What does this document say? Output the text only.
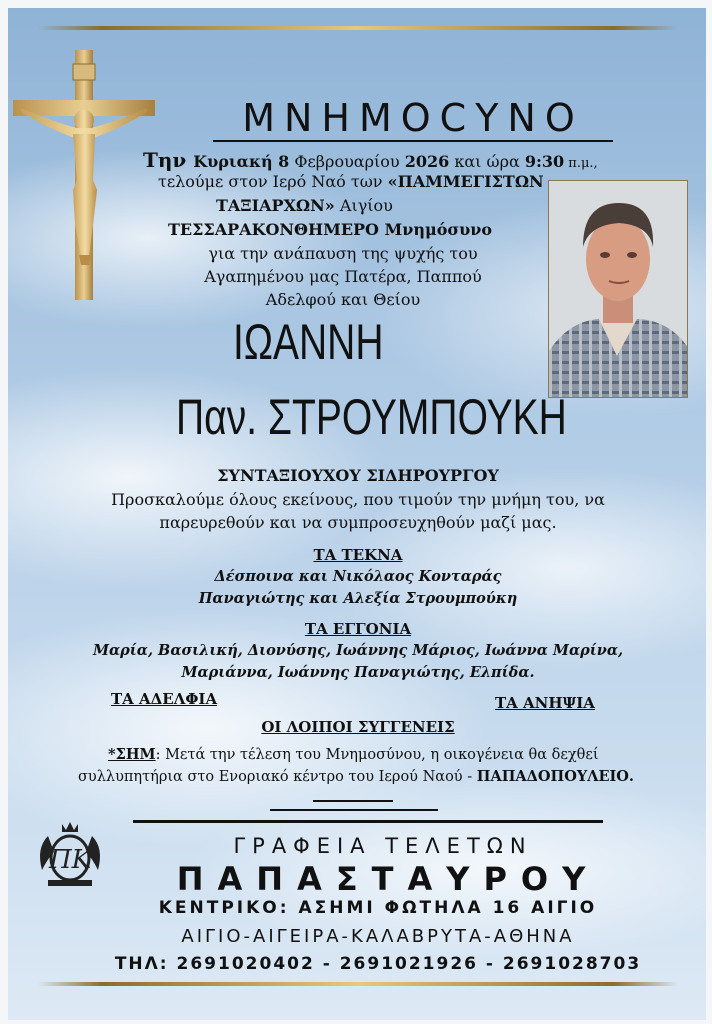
ΜΝΗΜΟCΥΝΟ
Την Κυριακή 8 Φεβρουαρίου 2026 και ώρα 9:30 π.μ.,
τελούμε στον Ιερό Ναό των «ΠΑΜΜΕΓΙΣΤΩΝ
ΤΑΞΙΑΡΧΩΝ» Αιγίου
ΤΕΣΣΑΡΑΚΟΝΘΗΜΕΡΟ Μνημόσυνο
για την ανάπαυση της ψυχής του
Αγαπημένου μας Πατέρα, Παππού
Αδελφού και Θείου
ΙΩΑΝΝΗ
Παν. ΣΤΡΟΥΜΠΟΥΚΗ
ΣΥΝΤΑΞΙΟΥΧΟΥ ΣΙΔΗΡΟΥΡΓΟΥ
Προσκαλούμε όλους εκείνους, που τιμούν την μνήμη του, να
παρευρεθούν και να συμπροσευχηθούν μαζί μας.
ΤΑ ΤΕΚΝΑ
Δέσποινα και Νικόλαος Κονταράς
Παναγιώτης και Αλεξία Στρουμπούκη
ΤΑ ΕΓΓΟΝΙΑ
Μαρία, Βασιλική, Διονύσης, Ιωάννης Μάριος, Ιωάννα Μαρίνα,
Μαριάννα, Ιωάννης Παναγιώτης, Ελπίδα.
ΤΑ ΑΔΕΛΦΙΑ	ΤΑ ΑΝΗΨΙΑ
ΟΙ ΛΟΙΠΟΙ ΣΥΓΓΕΝΕΙΣ
*ΣΗΜ: Μετά την τέλεση του Μνημοσύνου, η οικογένεια θα δεχθεί
συλλυπητήρια στο Ενοριακό κέντρο του Ιερού Ναού - ΠΑΠΑΔΟΠΟΥΛΕΙΟ.
ΠΚ	ΓΡΑΦΕΙΑ ΤΕΛΕΤΩΝ
ΠΑΠΑΣΤΑΥΡΟΥ
ΚΕΝΤΡΙΚΟ: ΑΣΗΜΙ ΦΩΤΗΛΑ 16 ΑΙΓΙΟ
ΑΙΓΙΟ-ΑΙΓΕΙΡΑ-ΚΑΛΑΒΡΥΤΑ-ΑΘΗΝΑ
ΤΗΛ: 2691020402 - 2691021926 - 2691028703
